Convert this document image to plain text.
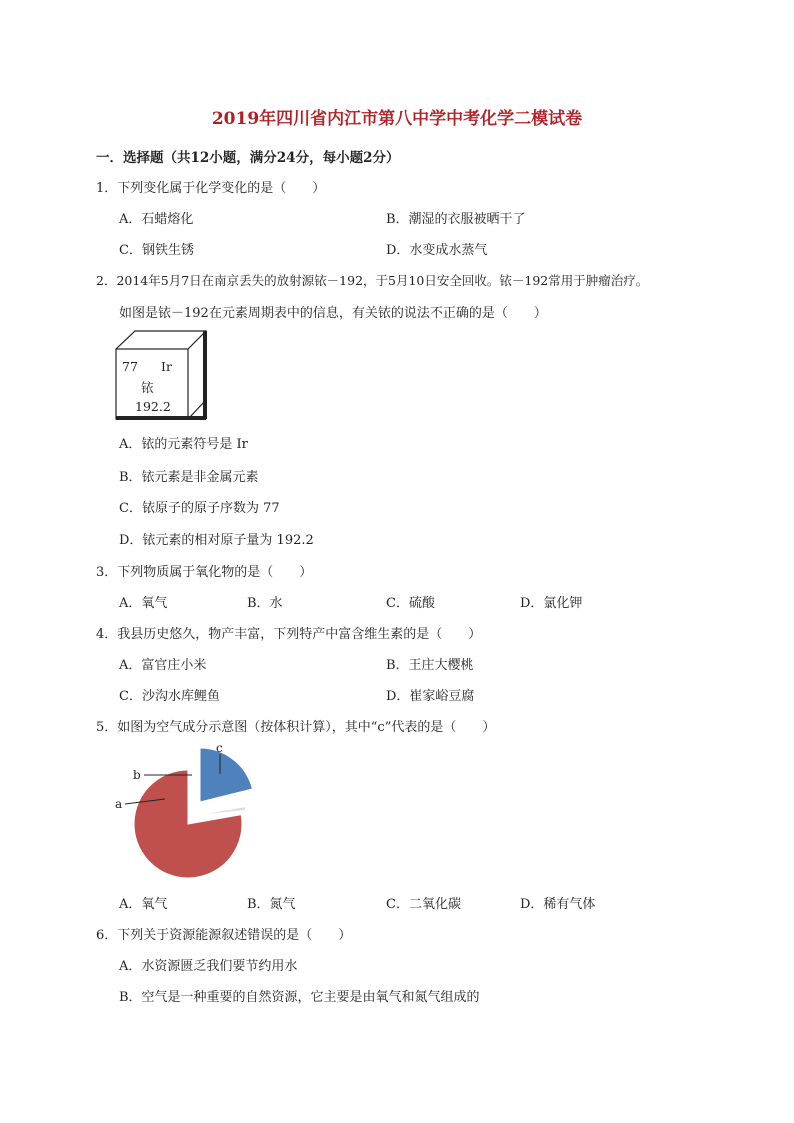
2019年四川省内江市第八中学中考化学二模试卷
一．选择题（共12小题，满分24分，每小题2分）
1．下列变化属于化学变化的是（　　）
A．石蜡熔化	B．潮湿的衣服被晒干了
C．钢铁生锈	D．水变成水蒸气
2．2014年5月7日在南京丢失的放射源铱－192，于5月10日安全回收。铱－192常用于肿瘤治疗。
如图是铱－192在元素周期表中的信息，有关铱的说法不正确的是（　　）
77 Ir
铱
192.2
A．铱的元素符号是 Ir
B．铱元素是非金属元素
C．铱原子的原子序数为 77
D．铱元素的相对原子量为 192.2
3．下列物质属于氧化物的是（　　）
A．氧气	B．水	C．硫酸	D．氯化钾
4．我县历史悠久，物产丰富，下列特产中富含维生素的是（　　）
A．富官庄小米	B．王庄大樱桃
C．沙沟水库鲤鱼	D．崔家峪豆腐
5．如图为空气成分示意图（按体积计算），其中“c”代表的是（　　）
a
b
c
A．氧气	B．氮气	C．二氧化碳	D．稀有气体
6．下列关于资源能源叙述错误的是（　　）
A．水资源匮乏我们要节约用水
B．空气是一种重要的自然资源，它主要是由氧气和氮气组成的
